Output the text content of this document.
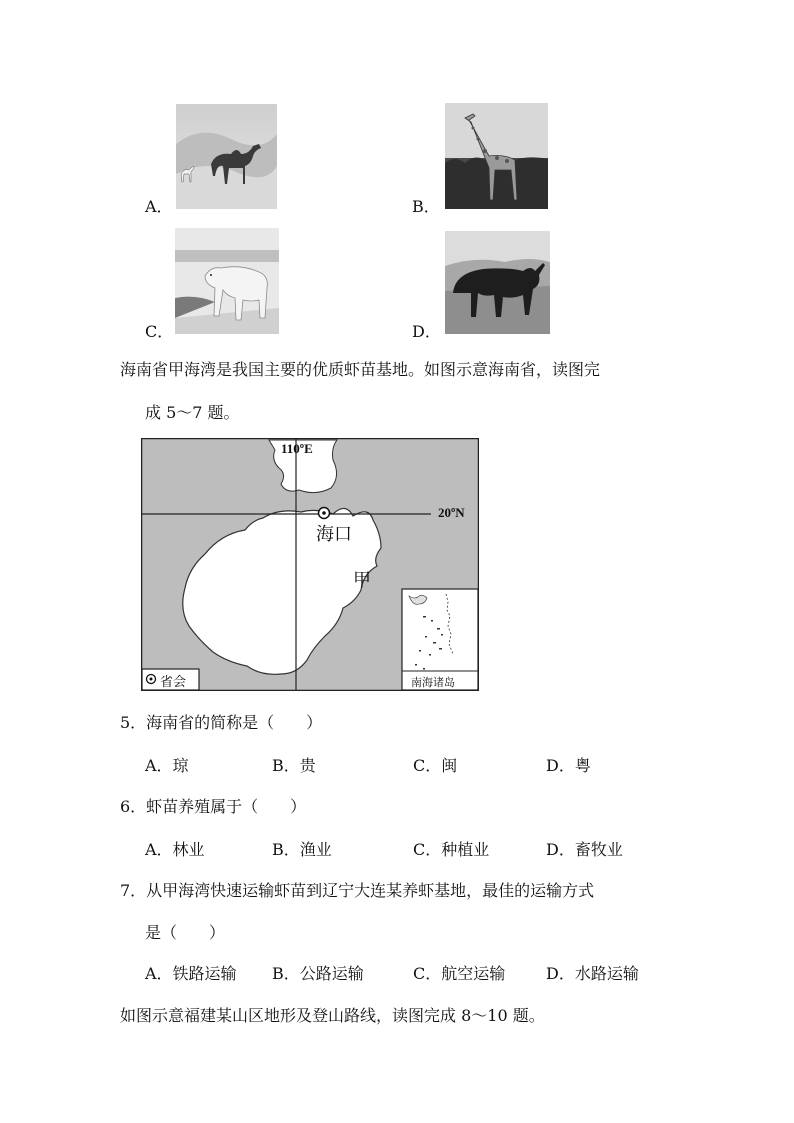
A．	B．
C．	D．
海南省甲海湾是我国主要的优质虾苗基地。如图示意海南省，读图完
成 5～7 题。
110ºE
20ºN
海口
甲
省会	南海诸岛
5．海南省的简称是（　　）
A．琼	B．贵	C．闽	D．粤
6．虾苗养殖属于（　　）
A．林业	B．渔业	C．种植业	D．畜牧业
7．从甲海湾快速运输虾苗到辽宁大连某养虾基地，最佳的运输方式
是（　　）
A．铁路运输 B．公路运输	C．航空运输	D．水路运输
如图示意福建某山区地形及登山路线，读图完成 8～10 题。
